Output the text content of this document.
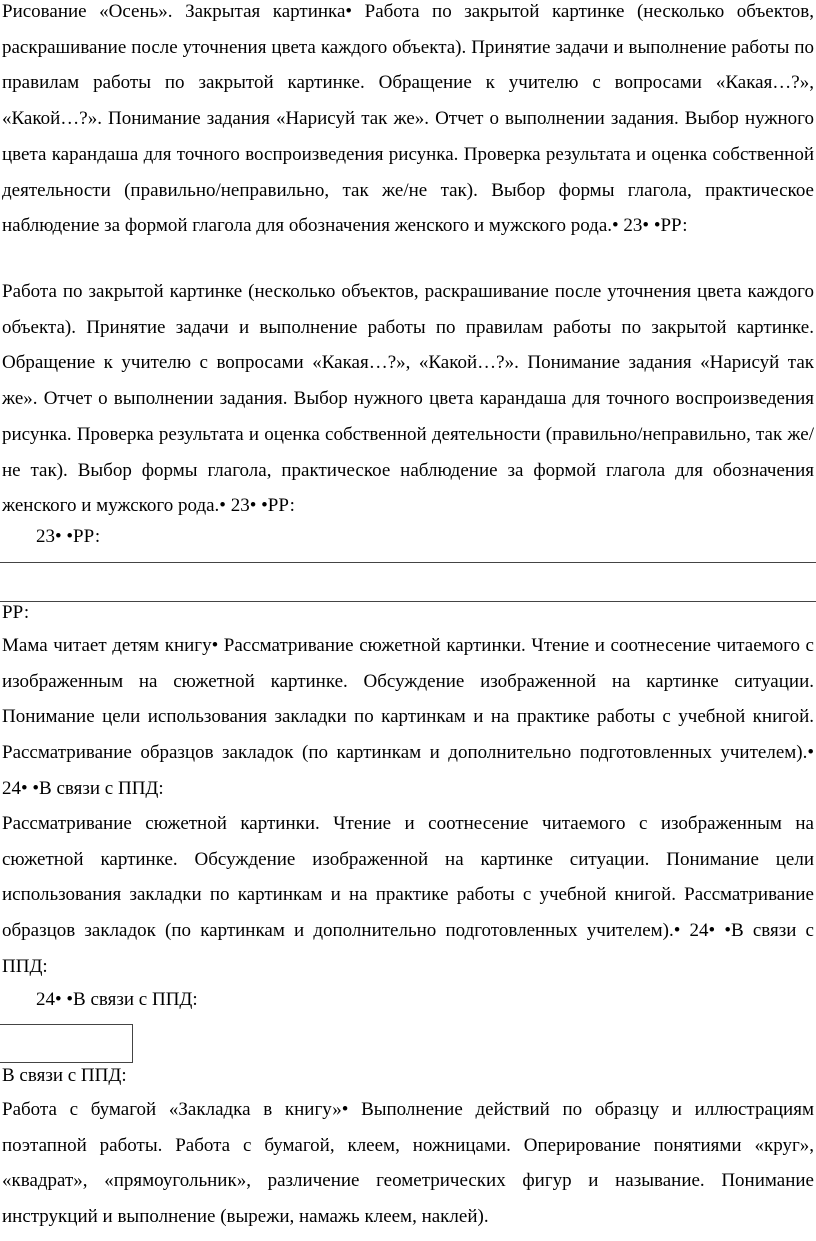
Рисование «Осень». Закрытая картинка• Работа по закрытой картинке (несколько объектов, раскрашивание после уточнения цвета каждого объекта). Принятие задачи и выполнение работы по правилам работы по закрытой картинке. Обращение к учителю с вопросами «Какая…?», «Какой…?». Понимание задания «Нарисуй так же». Отчет о выполнении задания. Выбор нужного цвета карандаша для точного воспроизведения рисунка. Проверка результата и оценка собственной деятельности (правильно/неправильно, так же/не так). Выбор формы глагола, практическое наблюдение за формой глагола для обозначения женского и мужского рода.• 23• •РР:

Работа по закрытой картинке (несколько объектов, раскрашивание после уточнения цвета каждого объекта). Принятие задачи и выполнение работы по правилам работы по закрытой картинке. Обращение к учителю с вопросами «Какая…?», «Какой…?». Понимание задания «Нарисуй так же». Отчет о выполнении задания. Выбор нужного цвета карандаша для точного воспроизведения рисунка. Проверка результата и оценка собственной деятельности (правильно/неправильно, так же/не так). Выбор формы глагола, практическое наблюдение за формой глагола для обозначения женского и мужского рода.• 23• •РР:

23• •РР:

РР:

Мама читает детям книгу• Рассматривание сюжетной картинки. Чтение и соотнесение читаемого с изображенным на сюжетной картинке. Обсуждение изображенной на картинке ситуации. Понимание цели использования закладки по картинкам и на практике работы с учебной книгой. Рассматривание образцов закладок (по картинкам и дополнительно подготовленных учителем).• 24• •В связи с ППД:

Рассматривание сюжетной картинки. Чтение и соотнесение читаемого с изображенным на сюжетной картинке. Обсуждение изображенной на картинке ситуации. Понимание цели использования закладки по картинкам и на практике работы с учебной книгой. Рассматривание образцов закладок (по картинкам и дополнительно подготовленных учителем).• 24• •В связи с ППД:

24• •В связи с ППД:

В связи с ППД:

Работа с бумагой «Закладка в книгу»• Выполнение действий по образцу и иллюстрациям поэтапной работы. Работа с бумагой, клеем, ножницами. Оперирование понятиями «круг», «квадрат», «прямоугольник», различение геометрических фигур и называние. Понимание инструкций и выполнение (вырежи, намажь клеем, наклей).
